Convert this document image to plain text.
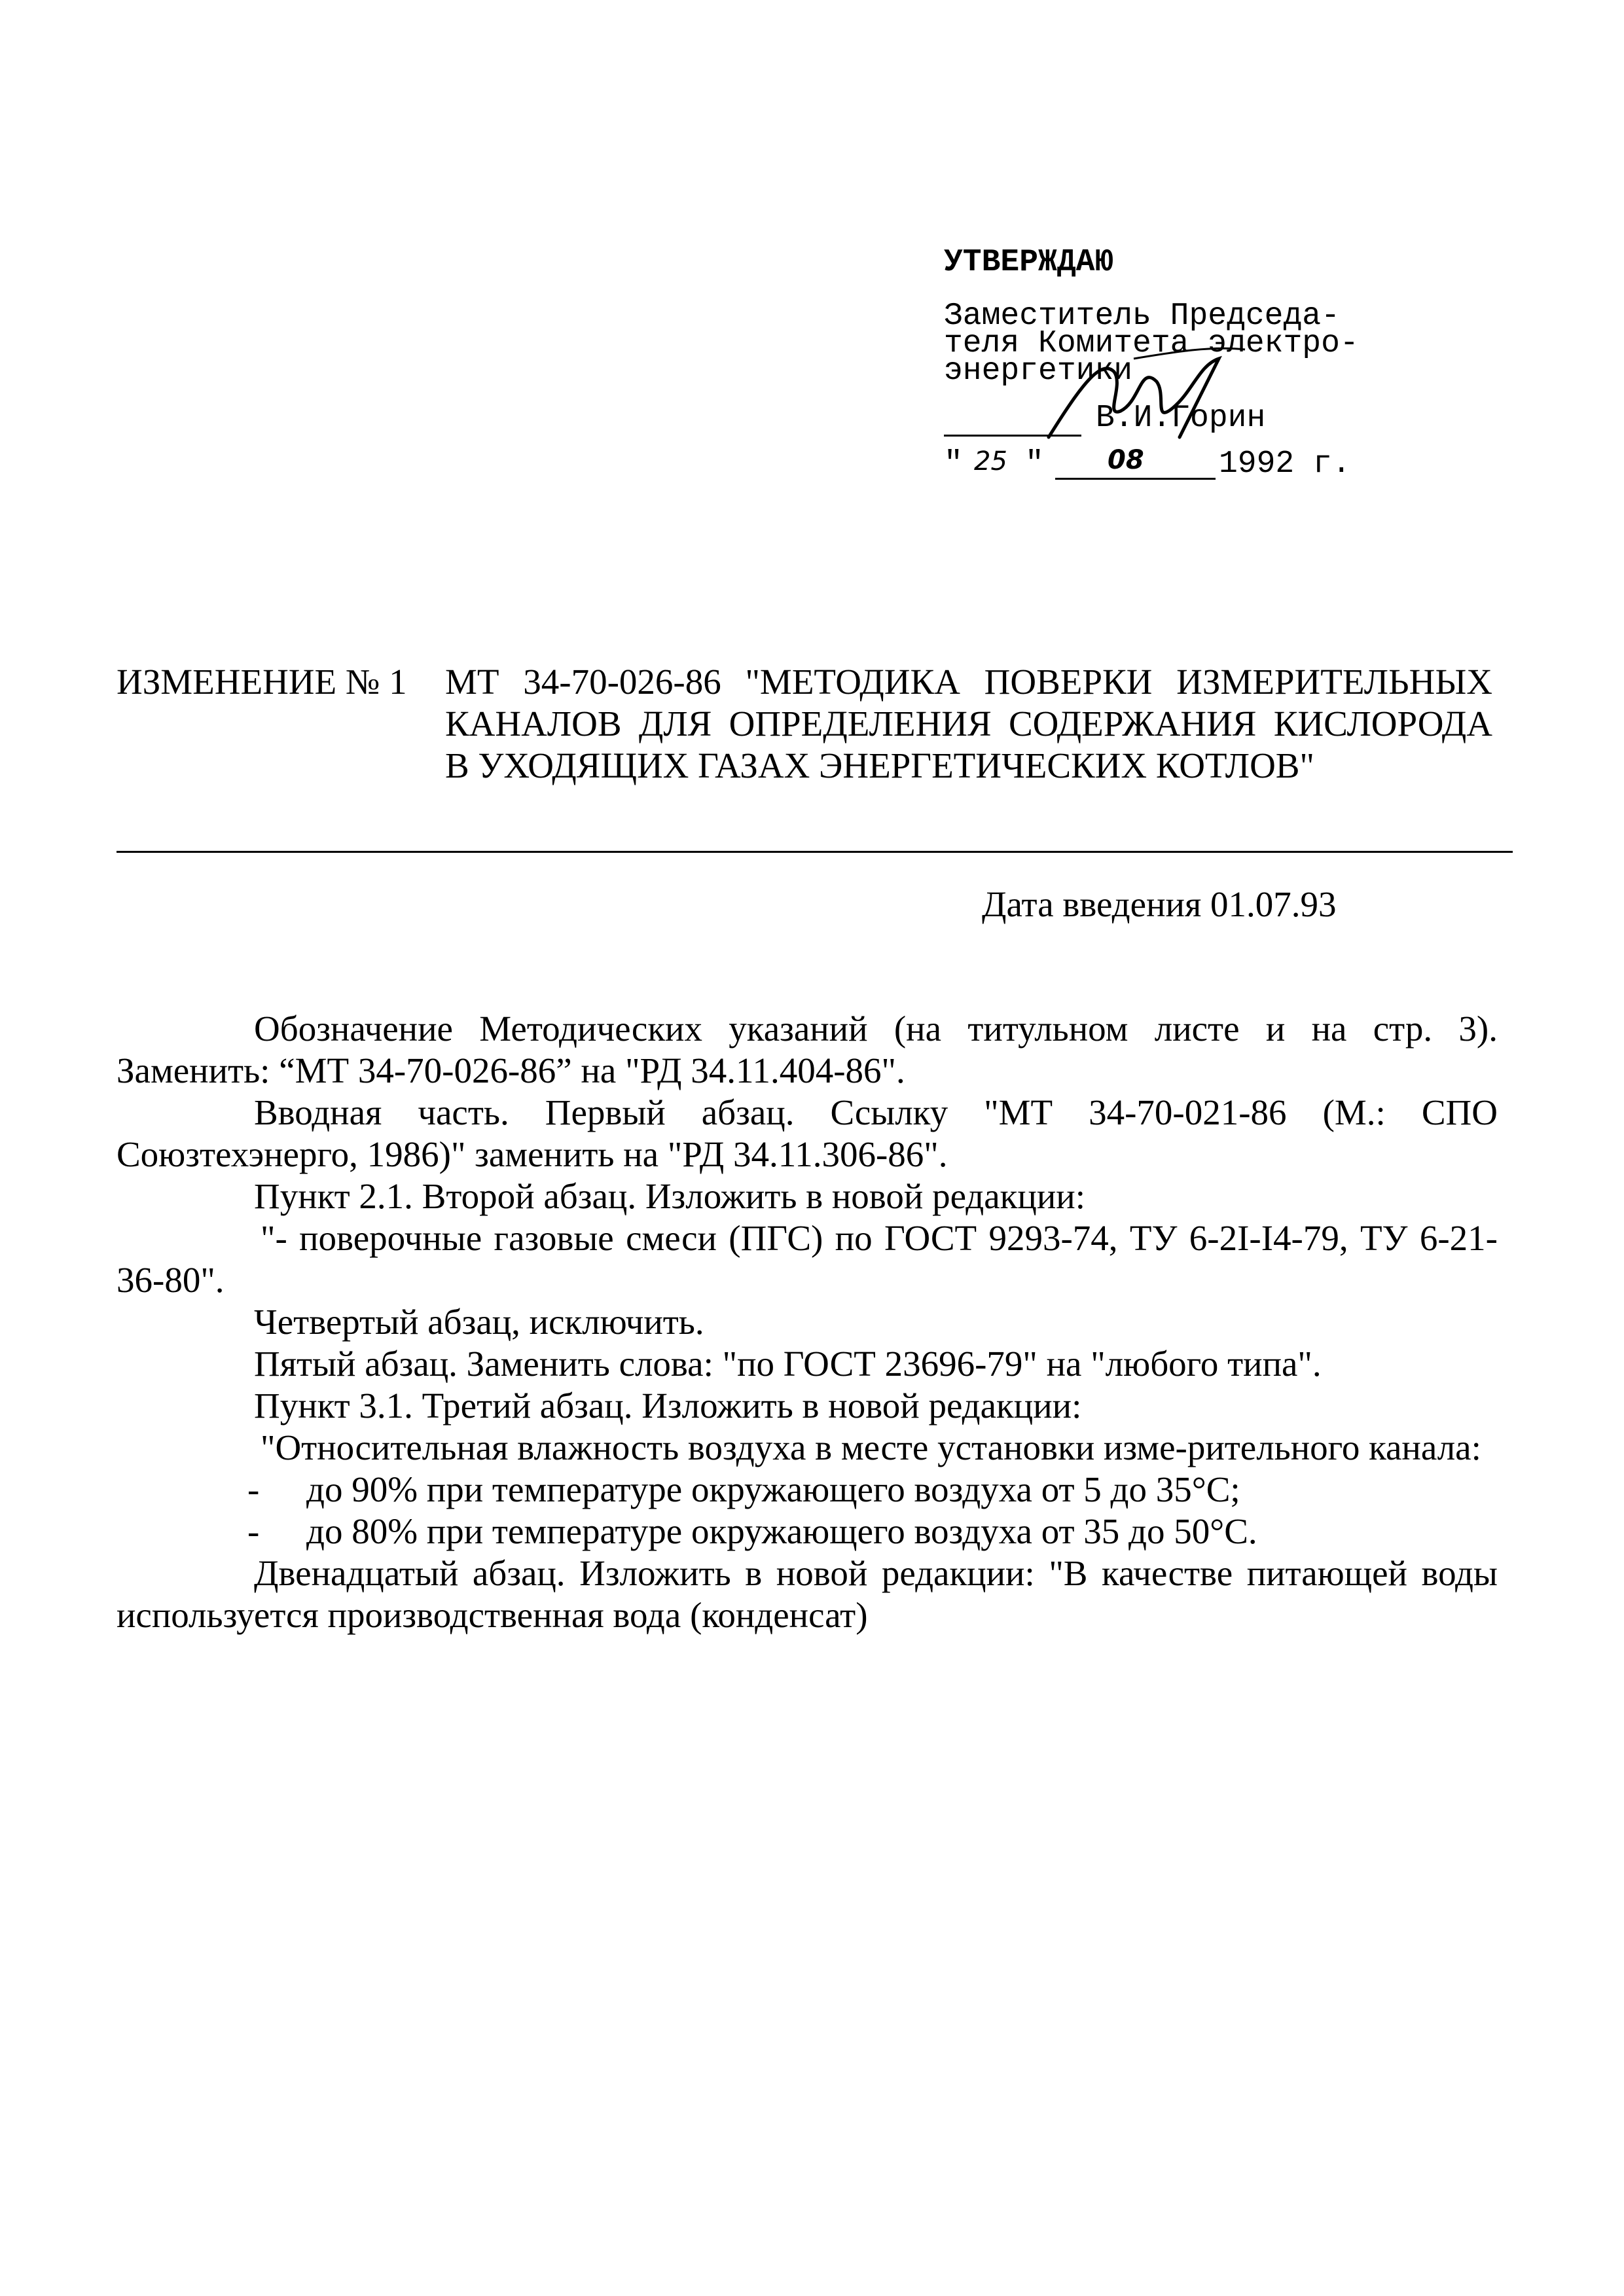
УТВЕРЖДАЮ
Заместитель Председа-
теля Комитета электро-
энергетики
В.И.Горин
" 25 " 08 1992 г.
ИЗМЕНЕНИЕ № 1 МТ 34-70-026-86 "МЕТОДИКА ПОВЕРКИ ИЗМЕРИТЕЛЬНЫХ КАНАЛОВ ДЛЯ ОПРЕДЕЛЕНИЯ СОДЕРЖАНИЯ КИСЛОРОДА В УХОДЯЩИХ ГАЗАХ ЭНЕРГЕТИЧЕСКИХ КОТЛОВ"
Дата введения 01.07.93

Обозначение Методических указаний (на титульном листе и на стр. 3). Заменить: “МТ 34-70-026-86” на "РД 34.11.404-86".

Вводная часть. Первый абзац. Ссылку "МТ 34-70-021-86 (М.: СПО Союзтехэнерго, 1986)" заменить на "РД 34.11.306-86".

Пункт 2.1. Второй абзац. Изложить в новой редакции:

"- поверочные газовые смеси (ПГС) по ГОСТ 9293-74, ТУ 6-2I-I4-79, ТУ 6-21-36-80".

Четвертый абзац, исключить.

Пятый абзац. Заменить слова: "по ГОСТ 23696-79" на "любого типа".

Пункт 3.1. Третий абзац. Изложить в новой редакции:

"Относительная влажность воздуха в месте установки изме-рительного канала:

-	до 90% при температуре окружающего воздуха от 5 до 35°С;
-	до 80% при температуре окружающего воздуха от 35 до 50°С.

Двенадцатый абзац. Изложить в новой редакции: "В качестве питающей воды используется производственная вода (конденсат)
